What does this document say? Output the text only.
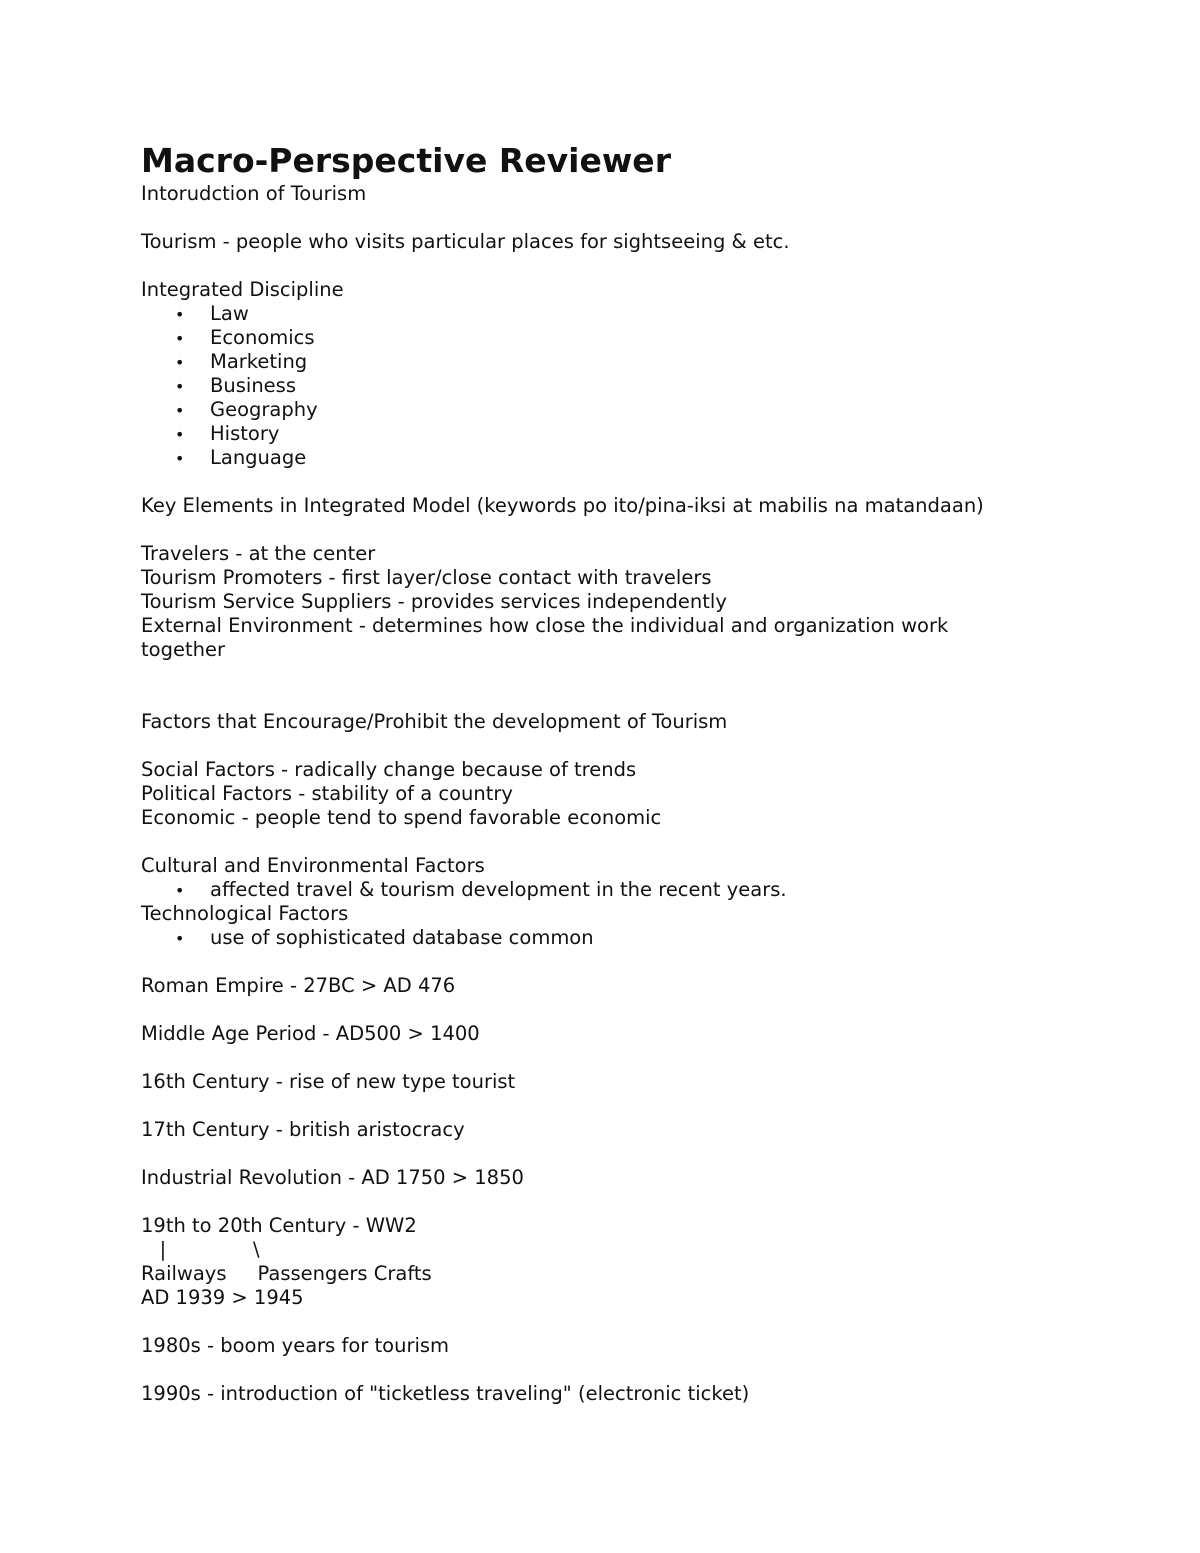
Macro-Perspective Reviewer

Intorudction of Tourism

Tourism - people who visits particular places for sightseeing & etc.

Integrated Discipline

•	Law
•	Economics
•	Marketing
•	Business
•	Geography
•	History
•	Language

Key Elements in Integrated Model (keywords po ito/pina-iksi at mabilis na matandaan)

Travelers - at the center

Tourism Promoters - first layer/close contact with travelers

Tourism Service Suppliers - provides services independently

External Environment - determines how close the individual and organization work

together

Factors that Encourage/Prohibit the development of Tourism

Social Factors - radically change because of trends

Political Factors - stability of a country

Economic - people tend to spend favorable economic

Cultural and Environmental Factors

•	affected travel & tourism development in the recent years.

Technological Factors

•	use of sophisticated database common

Roman Empire - 27BC > AD 476

Middle Age Period - AD500 > 1400

16th Century - rise of new type tourist

17th Century - british aristocracy

Industrial Revolution - AD 1750 > 1850

19th to 20th Century - WW2

|              \

Railways     Passengers Crafts

AD 1939 > 1945

1980s - boom years for tourism

1990s - introduction of "ticketless traveling" (electronic ticket)
